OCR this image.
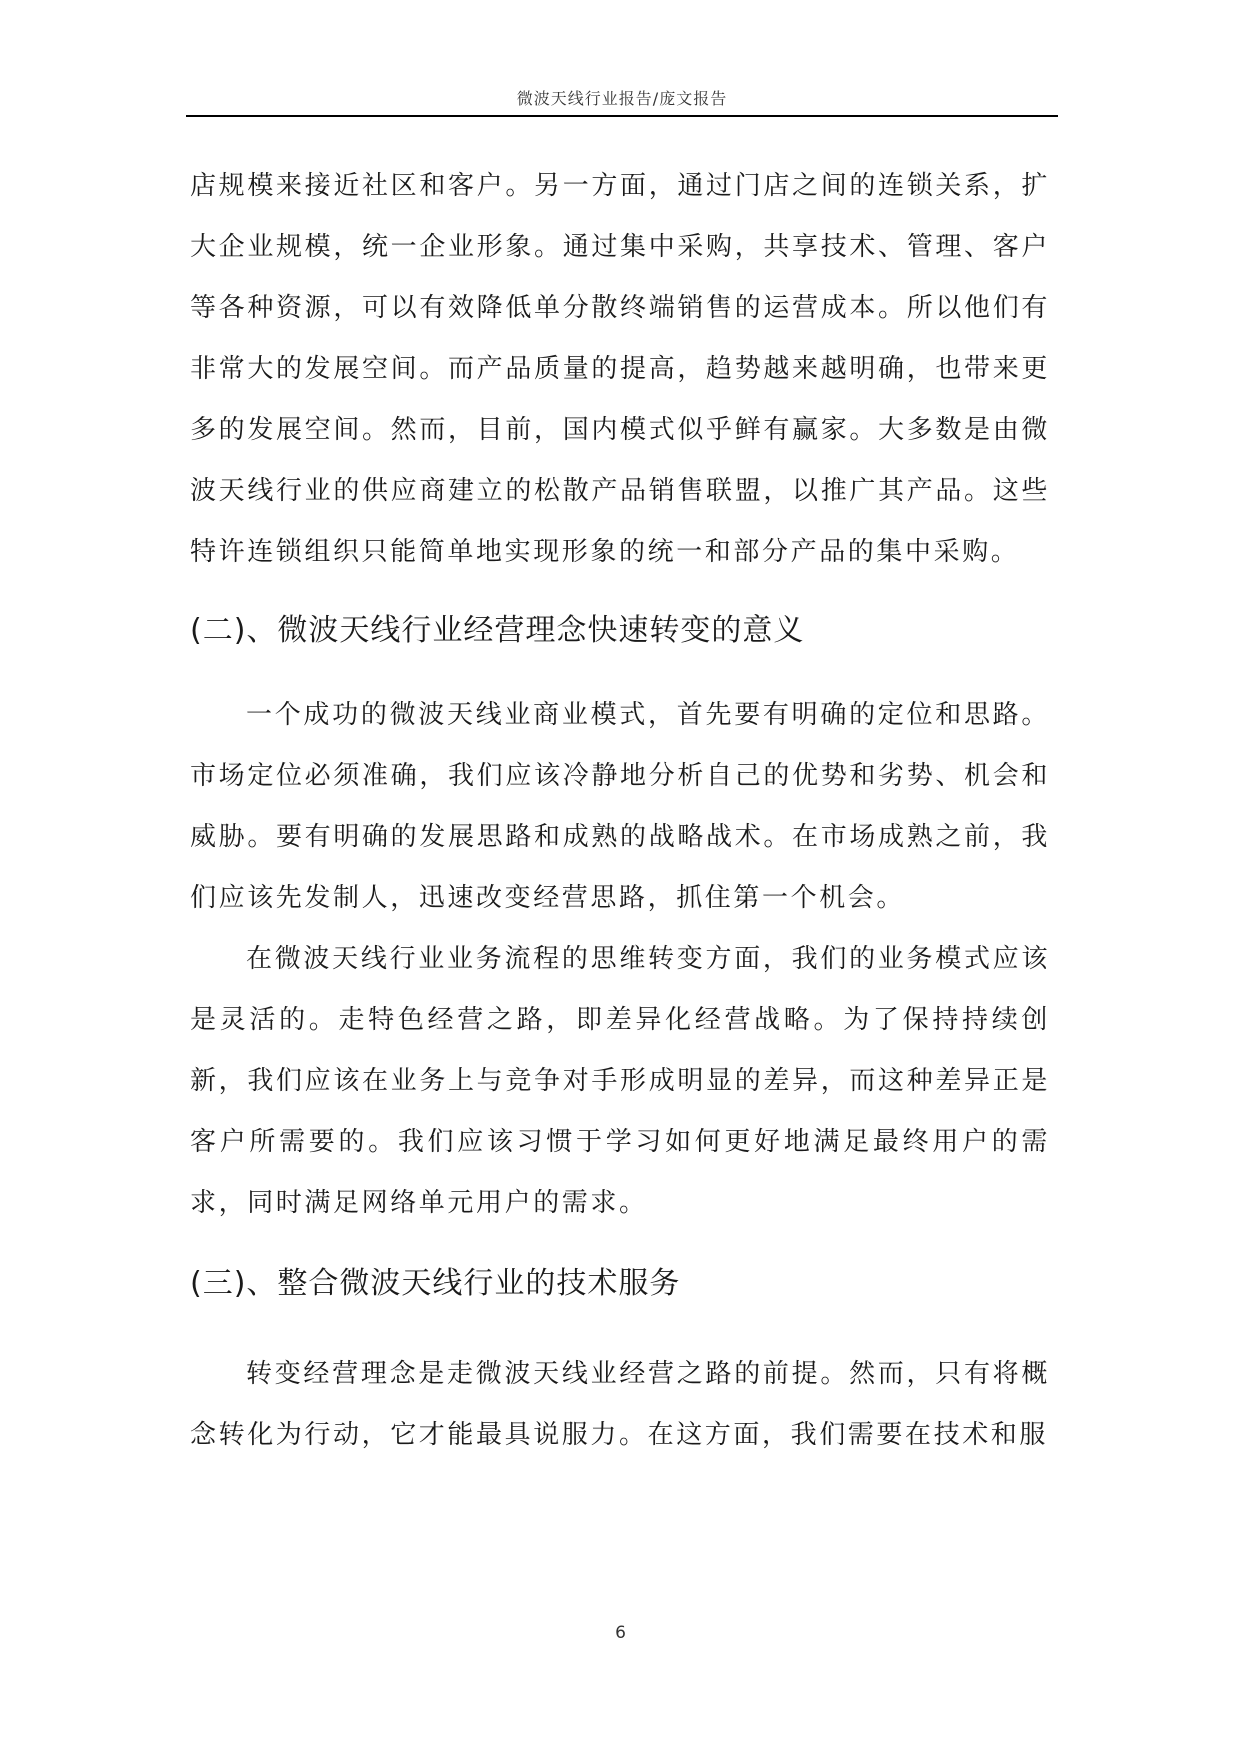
微波天线行业报告/庞文报告

店规模来接近社区和客户。另一方面，通过门店之间的连锁关系，扩大企业规模，统一企业形象。通过集中采购，共享技术、管理、客户等各种资源，可以有效降低单分散终端销售的运营成本。所以他们有非常大的发展空间。而产品质量的提高，趋势越来越明确，也带来更多的发展空间。然而，目前，国内模式似乎鲜有赢家。大多数是由微波天线行业的供应商建立的松散产品销售联盟，以推广其产品。这些特许连锁组织只能简单地实现形象的统一和部分产品的集中采购。

(二)、微波天线行业经营理念快速转变的意义

一个成功的微波天线业商业模式，首先要有明确的定位和思路。市场定位必须准确，我们应该冷静地分析自己的优势和劣势、机会和威胁。要有明确的发展思路和成熟的战略战术。在市场成熟之前，我们应该先发制人，迅速改变经营思路，抓住第一个机会。

在微波天线行业业务流程的思维转变方面，我们的业务模式应该是灵活的。走特色经营之路，即差异化经营战略。为了保持持续创新，我们应该在业务上与竞争对手形成明显的差异，而这种差异正是客户所需要的。我们应该习惯于学习如何更好地满足最终用户的需求，同时满足网络单元用户的需求。

(三)、整合微波天线行业的技术服务

转变经营理念是走微波天线业经营之路的前提。然而，只有将概念转化为行动，它才能最具说服力。在这方面，我们需要在技术和服

6
